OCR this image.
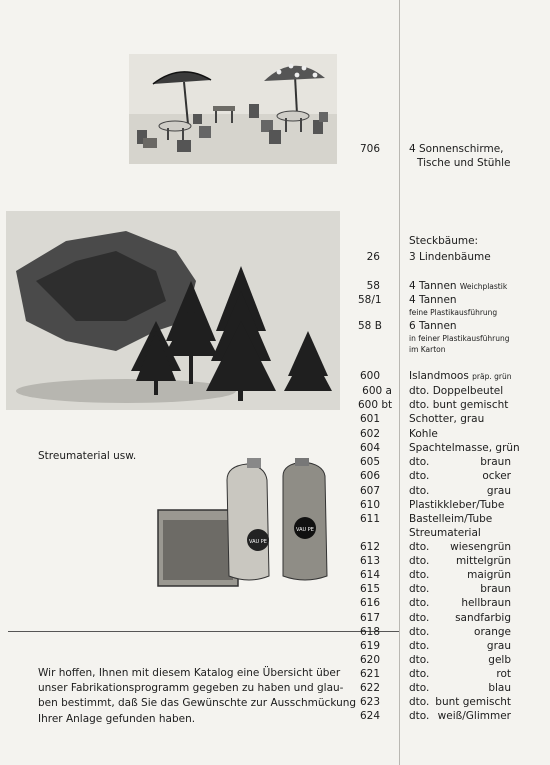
VAU PE
VAU PE
Streumaterial usw.
Wir hoffen, Ihnen mit diesem Katalog eine Übersicht über
unser Fabrikationsprogramm gegeben zu haben und glau-
ben bestimmt, daß Sie das Gewünschte zur Ausschmückung
Ihrer Anlage gefunden haben.
706	4 Sonnenschirme,
Tische und Stühle
Steckbäume:
26	3 Lindenbäume
58	4 Tannen Weichplastik
58/1	4 Tannen
feine Plastikausführung
58 B	6 Tannen
in feiner Plastikausführung
im Karton
600	Islandmoos präp. grün
600 a dto. Doppelbeutel
600 bt dto. bunt gemischt
601	Schotter, grau
602	Kohle
604	Spachtelmasse, grün
605	dto.	braun
606	dto.	ocker
607	dto.	grau
610	Plastikkleber/Tube
611	Bastelleim/Tube
Streumaterial
612	dto. wiesengrün
613	dto.	mittelgrün
614	dto.	maigrün
615	dto.	braun
616	dto.	hellbraun
617	dto. sandfarbig
618	dto.	orange
619	dto.	grau
620	dto.	gelb
621	dto.	rot
622	dto.	blau
623	dto. bunt gemischt
624	dto. weiß/Glimmer
